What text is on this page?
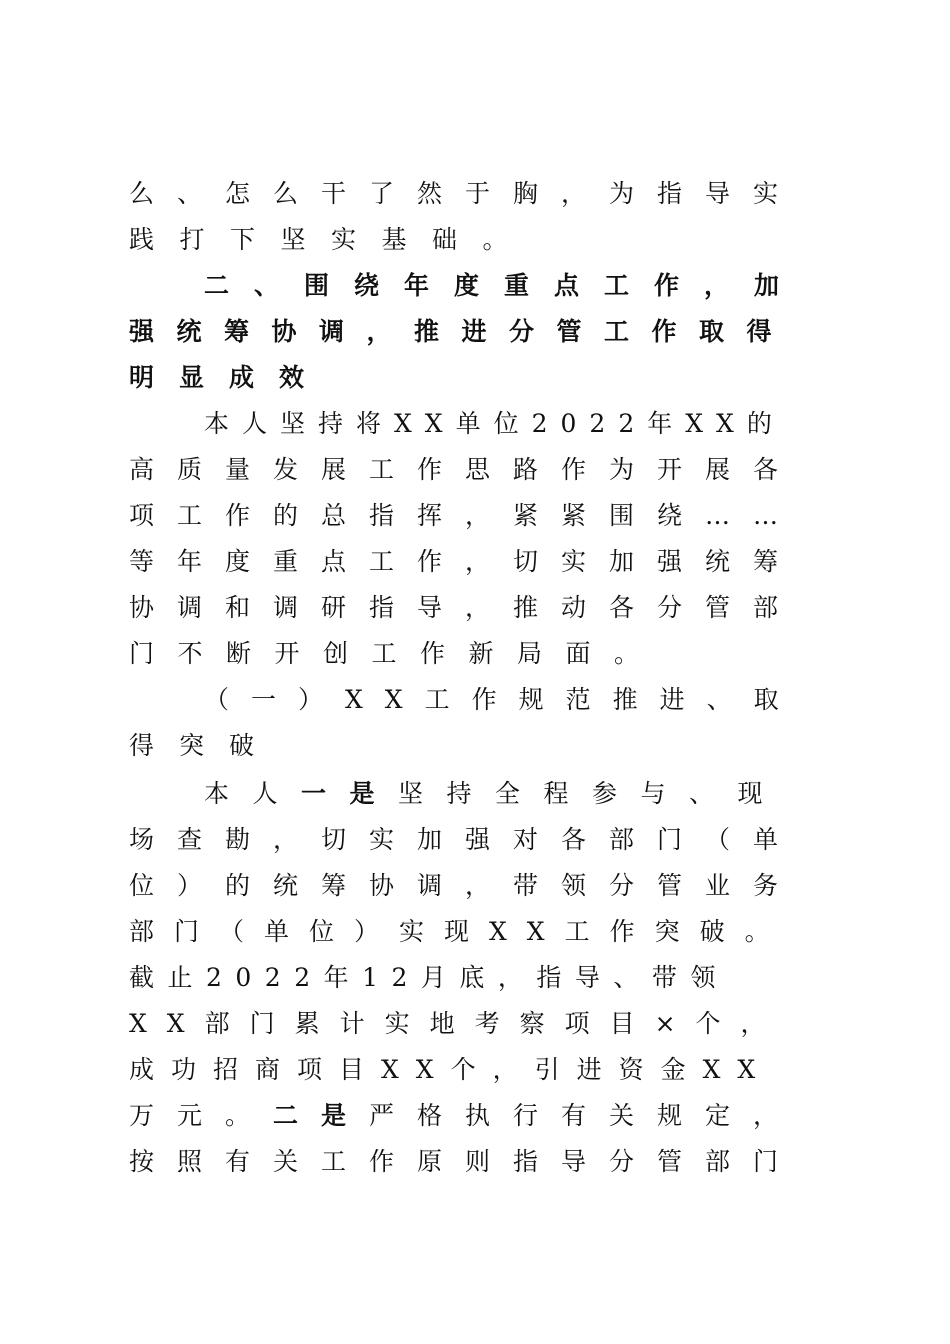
么、怎么干了然于胸，为指导实
践打下坚实基础。
二、围绕年度重点工作，加
强统筹协调，推进分管工作取得
明显成效
本人坚持将XX单位2022年XX的
高质量发展工作思路作为开展各
项工作的总指挥，紧紧围绕……
等年度重点工作，切实加强统筹
协调和调研指导，推动各分管部
门不断开创工作新局面。
（一）XX工作规范推进、取
得突破
本人一是坚持全程参与、现
场查勘，切实加强对各部门（单
位）的统筹协调，带领分管业务
部门（单位）实现XX工作突破。
截止2022年12月底，指导、带领
XX部门累计实地考察项目×个，
成功招商项目XX个，引进资金XX
万元。二是严格执行有关规定，
按照有关工作原则指导分管部门
